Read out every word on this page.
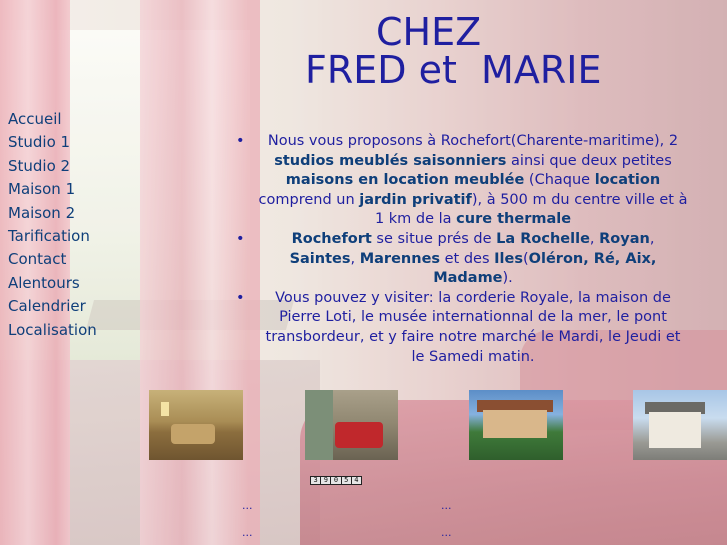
CHEZ
FRED et  MARIE
Accueil
Studio 1
Studio 2
Maison 1
Maison 2
Tarification
Contact
Alentours
Calendrier
Localisation
• Nous vous proposons à Rochefort(Charente-maritime), 2 studios meublés saisonniers ainsi que deux petites maisons en location meublée (Chaque location comprend un jardin privatif), à 500 m du centre ville et à 1 km de la cure thermale
• Rochefort se situe prés de La Rochelle, Royan, Saintes, Marennes et des Iles(Oléron, Ré, Aix, Madame).
• Vous pouvez y visiter: la corderie Royale, la maison de Pierre Loti, le musée internationnal de la mer, le pont transbordeur, et y faire notre marché le Mardi, le Jeudi et le Samedi matin.
3 9 0 5 4
...	...
...	...
